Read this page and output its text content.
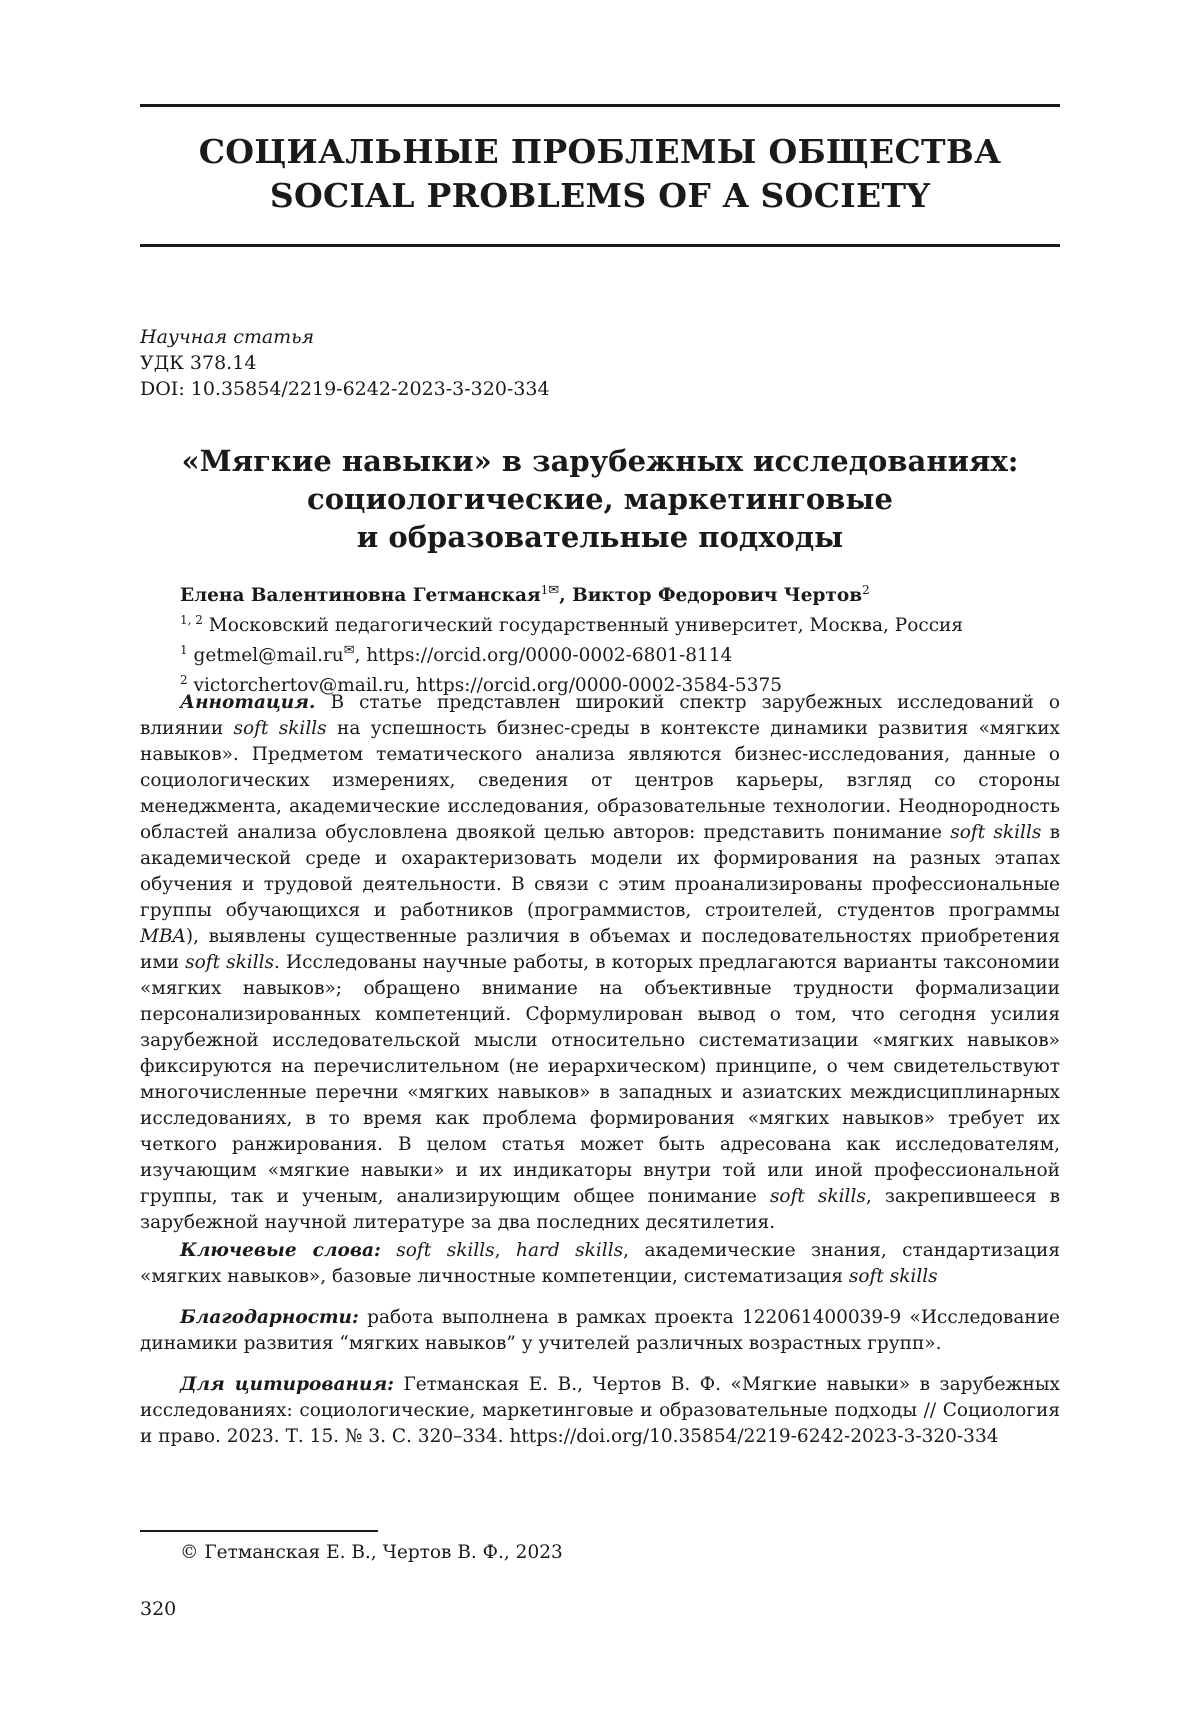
СОЦИАЛЬНЫЕ ПРОБЛЕМЫ ОБЩЕСТВА
SOCIAL PROBLEMS OF A SOCIETY
Научная статья
УДК 378.14
DOI: 10.35854/2219-6242-2023-3-320-334
«Мягкие навыки» в зарубежных исследованиях:
социологические, маркетинговые
и образовательные подходы
Елена Валентиновна Гетманская$^{1✉}$, Виктор Федорович Чертов$^2$
$^{1, 2}$ Московский педагогический государственный университет, Москва, Россия
$^1$ getmel@mail.ru✉, https://orcid.org/0000-0002-6801-8114
$^2$ victorchertov@mail.ru, https://orcid.org/0000-0002-3584-5375
Аннотация. В статье представлен широкий спектр зарубежных исследований о влиянии soft skills на успешность бизнес-среды в контексте динамики развития «мягких навыков». Предметом тематического анализа являются бизнес-исследования, данные о социологических измерениях, сведения от центров карьеры, взгляд со стороны менеджмента, академические исследования, образовательные технологии. Неоднородность областей анализа обусловлена двоякой целью авторов: представить понимание soft skills в академической среде и охарактеризовать модели их формирования на разных этапах обучения и трудовой деятельности. В связи с этим проанализированы профессиональные группы обучающихся и работников (программистов, строителей, студентов программы MBA), выявлены существенные различия в объемах и последовательностях приобретения ими soft skills. Исследованы научные работы, в которых предлагаются варианты таксономии «мягких навыков»; обращено внимание на объективные трудности формализации персонализированных компетенций. Сформулирован вывод о том, что сегодня усилия зарубежной исследовательской мысли относительно систематизации «мягких навыков» фиксируются на перечислительном (не иерархическом) принципе, о чем свидетельствуют многочисленные перечни «мягких навыков» в западных и азиатских междисциплинарных исследованиях, в то время как проблема формирования «мягких навыков» требует их четкого ранжирования. В целом статья может быть адресована как исследователям, изучающим «мягкие навыки» и их индикаторы внутри той или иной профессиональной группы, так и ученым, анализирующим общее понимание soft skills, закрепившееся в зарубежной научной литературе за два последних десятилетия.
Ключевые слова: soft skills, hard skills, академические знания, стандартизация «мягких навыков», базовые личностные компетенции, систематизация soft skills
Благодарности: работа выполнена в рамках проекта 122061400039-9 «Исследование динамики развития “мягких навыков” у учителей различных возрастных групп».
Для цитирования: Гетманская Е. В., Чертов В. Ф. «Мягкие навыки» в зарубежных исследованиях: социологические, маркетинговые и образовательные подходы // Социология и право. 2023. Т. 15. № 3. С. 320–334. https://doi.org/10.35854/2219-6242-2023-3-320-334
© Гетманская Е. В., Чертов В. Ф., 2023
320
